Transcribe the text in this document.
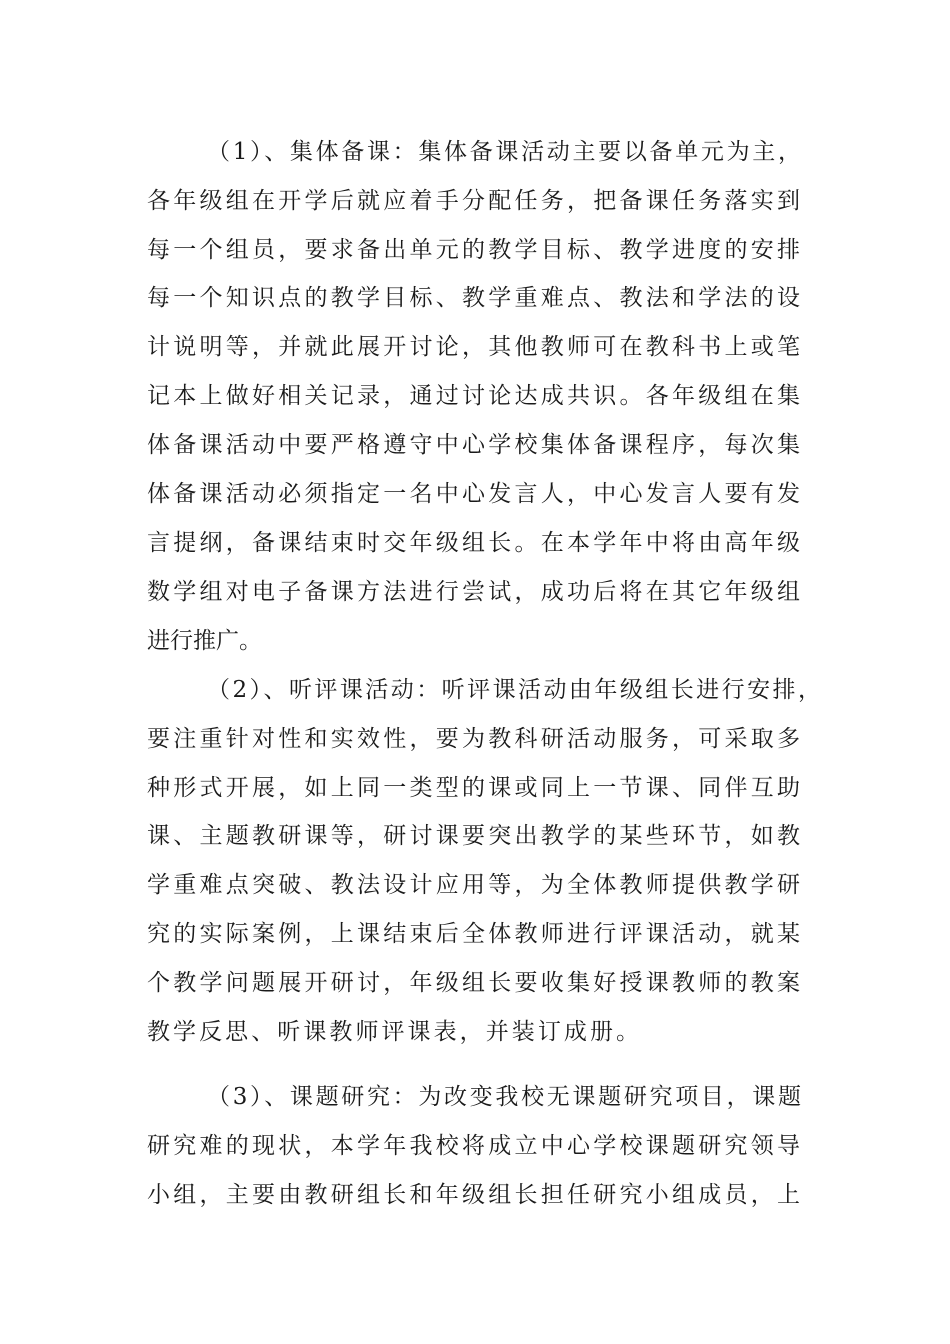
（1）、集体备课：集体备课活动主要以备单元为主，
各年级组在开学后就应着手分配任务，把备课任务落实到
每一个组员，要求备出单元的教学目标、教学进度的安排
每一个知识点的教学目标、教学重难点、教法和学法的设
计说明等，并就此展开讨论，其他教师可在教科书上或笔
记本上做好相关记录，通过讨论达成共识。各年级组在集
体备课活动中要严格遵守中心学校集体备课程序，每次集
体备课活动必须指定一名中心发言人，中心发言人要有发
言提纲，备课结束时交年级组长。在本学年中将由高年级
数学组对电子备课方法进行尝试，成功后将在其它年级组
进行推广。
（2）、听评课活动：听评课活动由年级组长进行安排，
要注重针对性和实效性，要为教科研活动服务，可采取多
种形式开展，如上同一类型的课或同上一节课、同伴互助
课、主题教研课等，研讨课要突出教学的某些环节，如教
学重难点突破、教法设计应用等，为全体教师提供教学研
究的实际案例，上课结束后全体教师进行评课活动，就某
个教学问题展开研讨，年级组长要收集好授课教师的教案
教学反思、听课教师评课表，并装订成册。
（3）、课题研究：为改变我校无课题研究项目，课题
研究难的现状，本学年我校将成立中心学校课题研究领导
小组，主要由教研组长和年级组长担任研究小组成员，上
